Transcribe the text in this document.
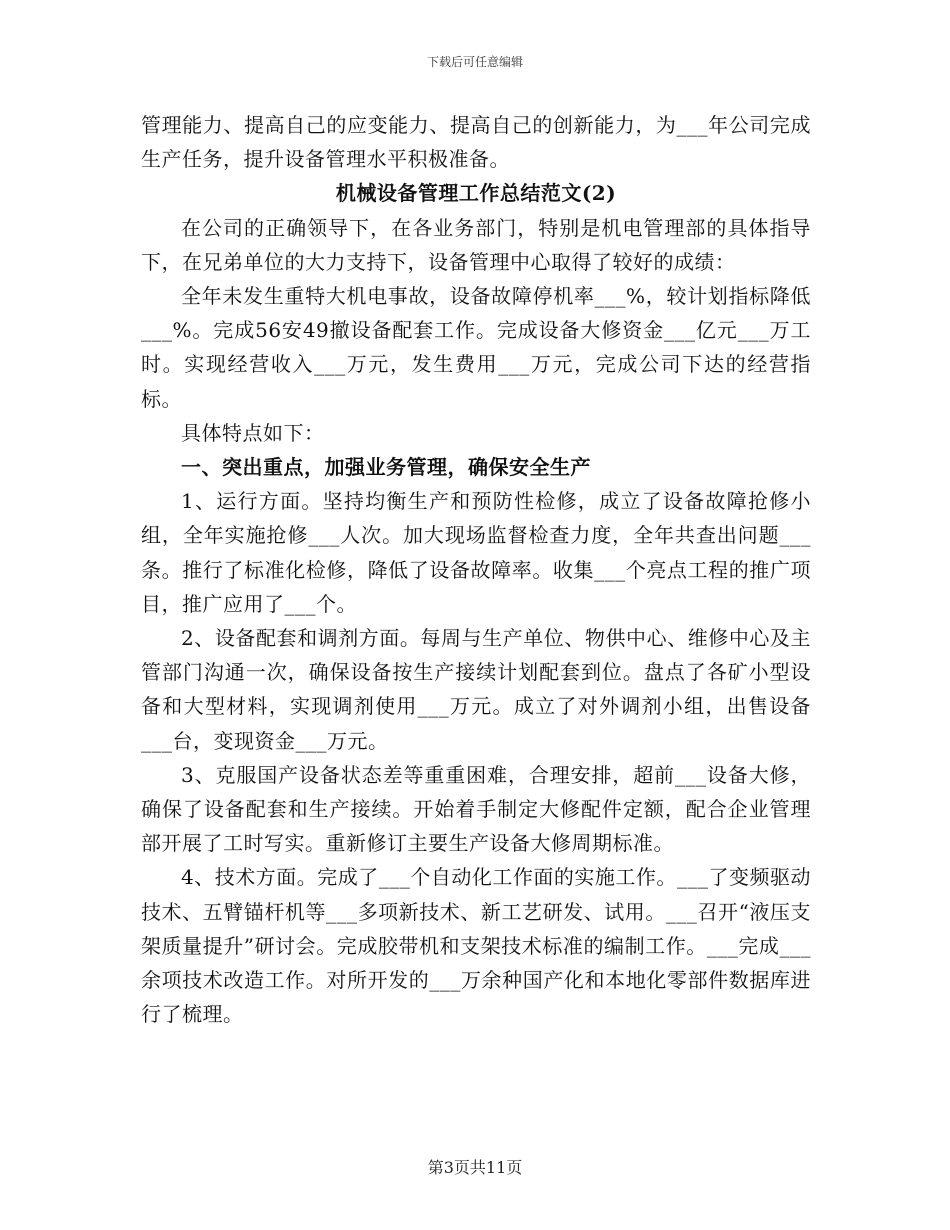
下载后可任意编辑

管理能力、提高自己的应变能力、提高自己的创新能力，为___年公司完成生产任务，提升设备管理水平积极准备。

机械设备管理工作总结范文(2)

在公司的正确领导下，在各业务部门，特别是机电管理部的具体指导下，在兄弟单位的大力支持下，设备管理中心取得了较好的成绩：

全年未发生重特大机电事故，设备故障停机率___%，较计划指标降低___%。完成56安49撤设备配套工作。完成设备大修资金___亿元___万工时。实现经营收入___万元，发生费用___万元，完成公司下达的经营指标。

具体特点如下：

一、突出重点，加强业务管理，确保安全生产

1、运行方面。坚持均衡生产和预防性检修，成立了设备故障抢修小组，全年实施抢修___人次。加大现场监督检查力度，全年共查出问题___条。推行了标准化检修，降低了设备故障率。收集___个亮点工程的推广项目，推广应用了___个。

2、设备配套和调剂方面。每周与生产单位、物供中心、维修中心及主管部门沟通一次，确保设备按生产接续计划配套到位。盘点了各矿小型设备和大型材料，实现调剂使用___万元。成立了对外调剂小组，出售设备___台，变现资金___万元。

3、克服国产设备状态差等重重困难，合理安排，超前___设备大修，确保了设备配套和生产接续。开始着手制定大修配件定额，配合企业管理部开展了工时写实。重新修订主要生产设备大修周期标准。

4、技术方面。完成了___个自动化工作面的实施工作。___了变频驱动技术、五臂锚杆机等___多项新技术、新工艺研发、试用。___召开“液压支架质量提升”研讨会。完成胶带机和支架技术标准的编制工作。___完成___余项技术改造工作。对所开发的___万余种国产化和本地化零部件数据库进行了梳理。

第3页共11页
